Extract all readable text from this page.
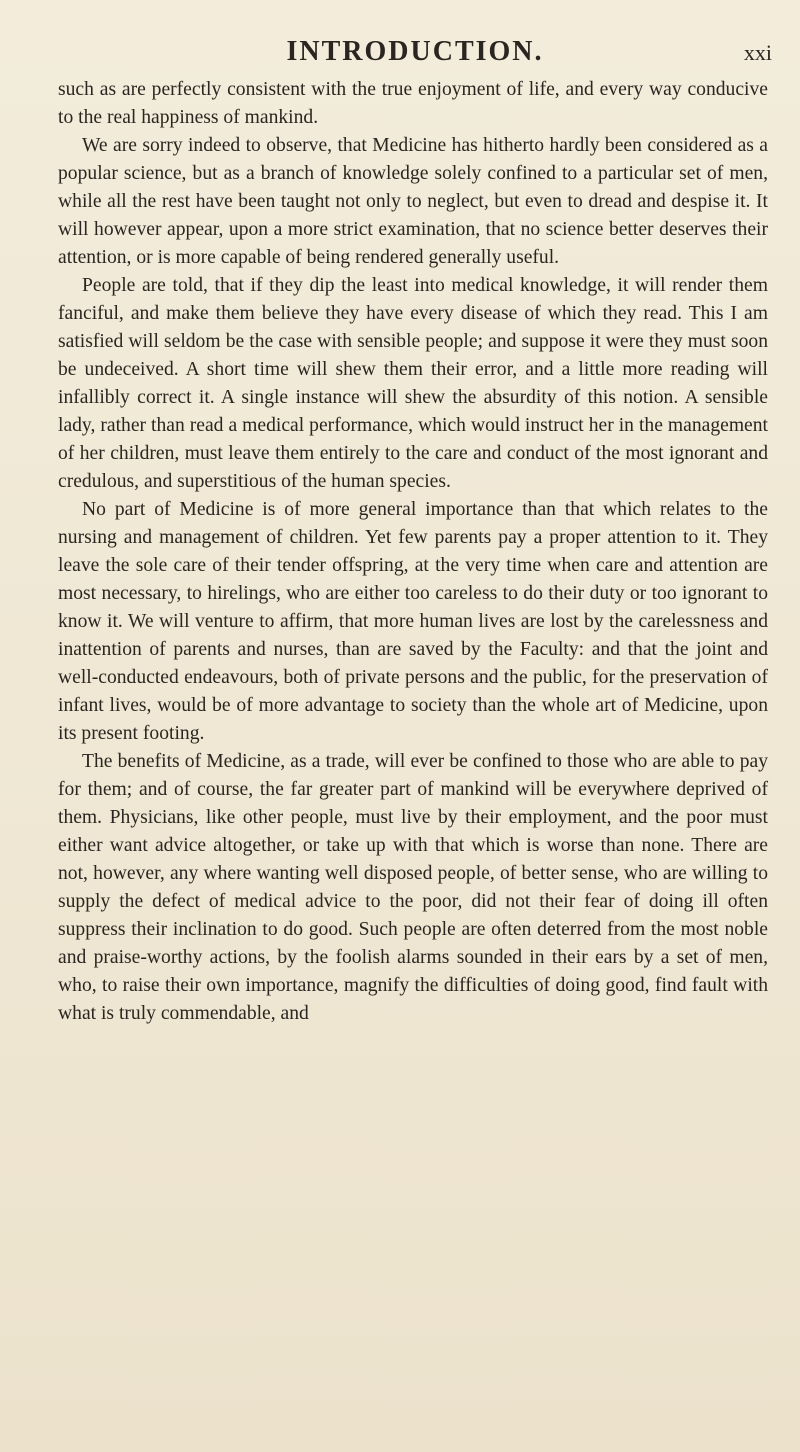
INTRODUCTION.	xxi

such as are perfectly consistent with the true enjoyment of life, and every way conducive to the real happiness of mankind.

We are sorry indeed to observe, that Medicine has hitherto hardly been considered as a popular science, but as a branch of knowledge solely confined to a particular set of men, while all the rest have been taught not only to neglect, but even to dread and despise it. It will however appear, upon a more strict examination, that no science better deserves their attention, or is more capable of being rendered generally useful.

People are told, that if they dip the least into medical knowledge, it will render them fanciful, and make them believe they have every disease of which they read. This I am satisfied will seldom be the case with sensible people; and suppose it were they must soon be undeceived. A short time will shew them their error, and a little more reading will infallibly correct it. A single instance will shew the absurdity of this notion. A sensible lady, rather than read a medical performance, which would instruct her in the management of her children, must leave them entirely to the care and conduct of the most ignorant and credulous, and superstitious of the human species.

No part of Medicine is of more general importance than that which relates to the nursing and management of children. Yet few parents pay a proper attention to it. They leave the sole care of their tender offspring, at the very time when care and attention are most necessary, to hirelings, who are either too careless to do their duty or too ignorant to know it. We will venture to affirm, that more human lives are lost by the carelessness and inattention of parents and nurses, than are saved by the Faculty: and that the joint and well-conducted endeavours, both of private persons and the public, for the preservation of infant lives, would be of more advantage to society than the whole art of Medicine, upon its present footing.

The benefits of Medicine, as a trade, will ever be confined to those who are able to pay for them; and of course, the far greater part of mankind will be everywhere deprived of them. Physicians, like other people, must live by their employment, and the poor must either want advice altogether, or take up with that which is worse than none. There are not, however, any where wanting well disposed people, of better sense, who are willing to supply the defect of medical advice to the poor, did not their fear of doing ill often suppress their inclination to do good. Such people are often deterred from the most noble and praise-worthy actions, by the foolish alarms sounded in their ears by a set of men, who, to raise their own importance, magnify the difficulties of doing good, find fault with what is truly commendable, and
